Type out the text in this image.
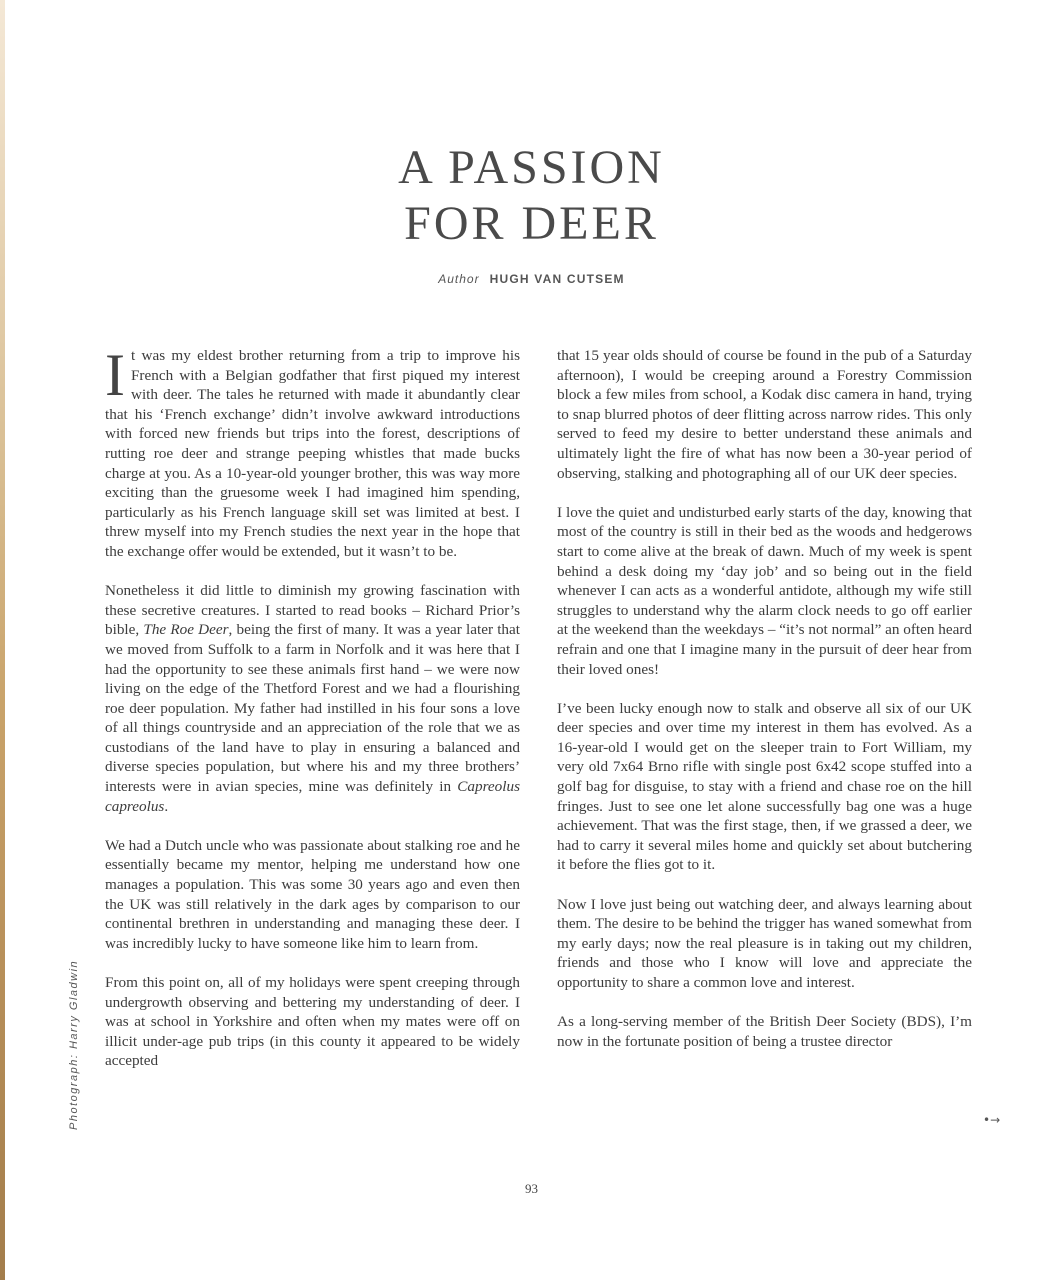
A PASSION
FOR DEER
Author HUGH VAN CUTSEM
Photograph: Harry Gladwin

It was my eldest brother returning from a trip to improve his French with a Belgian godfather that first piqued my interest with deer. The tales he returned with made it abundantly clear that his ‘French exchange’ didn’t involve awkward introductions with forced new friends but trips into the forest, descriptions of rutting roe deer and strange peeping whistles that made bucks charge at you. As a 10-year-old younger brother, this was way more exciting than the gruesome week I had imagined him spending, particularly as his French language skill set was limited at best. I threw myself into my French studies the next year in the hope that the exchange offer would be extended, but it wasn’t to be.

Nonetheless it did little to diminish my growing fascination with these secretive creatures. I started to read books – Richard Prior’s bible, The Roe Deer, being the first of many. It was a year later that we moved from Suffolk to a farm in Norfolk and it was here that I had the opportunity to see these animals first hand – we were now living on the edge of the Thetford Forest and we had a flourishing roe deer population. My father had instilled in his four sons a love of all things countryside and an appreciation of the role that we as custodians of the land have to play in ensuring a balanced and diverse species population, but where his and my three brothers’ interests were in avian species, mine was definitely in Capreolus capreolus.

We had a Dutch uncle who was passionate about stalking roe and he essentially became my mentor, helping me understand how one manages a population. This was some 30 years ago and even then the UK was still relatively in the dark ages by comparison to our continental brethren in understanding and managing these deer. I was incredibly lucky to have someone like him to learn from.

From this point on, all of my holidays were spent creeping through undergrowth observing and bettering my understanding of deer. I was at school in Yorkshire and often when my mates were off on illicit under-age pub trips (in this county it appeared to be widely accepted

that 15 year olds should of course be found in the pub of a Saturday afternoon), I would be creeping around a Forestry Commission block a few miles from school, a Kodak disc camera in hand, trying to snap blurred photos of deer flitting across narrow rides. This only served to feed my desire to better understand these animals and ultimately light the fire of what has now been a 30-year period of observing, stalking and photographing all of our UK deer species.

I love the quiet and undisturbed early starts of the day, knowing that most of the country is still in their bed as the woods and hedgerows start to come alive at the break of dawn. Much of my week is spent behind a desk doing my ‘day job’ and so being out in the field whenever I can acts as a wonderful antidote, although my wife still struggles to understand why the alarm clock needs to go off earlier at the weekend than the weekdays – “it’s not normal” an often heard refrain and one that I imagine many in the pursuit of deer hear from their loved ones!

I’ve been lucky enough now to stalk and observe all six of our UK deer species and over time my interest in them has evolved. As a 16-year-old I would get on the sleeper train to Fort William, my very old 7x64 Brno rifle with single post 6x42 scope stuffed into a golf bag for disguise, to stay with a friend and chase roe on the hill fringes. Just to see one let alone successfully bag one was a huge achievement. That was the first stage, then, if we grassed a deer, we had to carry it several miles home and quickly set about butchering it before the flies got to it.

Now I love just being out watching deer, and always learning about them. The desire to be behind the trigger has waned somewhat from my early days; now the real pleasure is in taking out my children, friends and those who I know will love and appreciate the opportunity to share a common love and interest.

As a long-serving member of the British Deer Society (BDS), I’m now in the fortunate position of being a trustee director

•→
93
